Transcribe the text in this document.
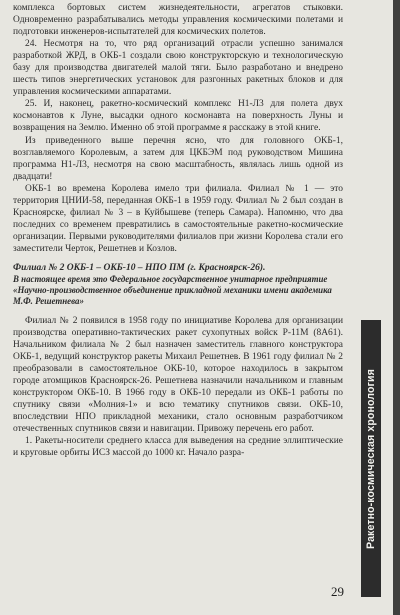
комплекса бортовых систем жизнедеятельности, агрегатов стыковки. Одновременно разрабатывались методы управления космическими полетами и подготовки инженеров-испытателей для космических полетов.

24. Несмотря на то, что ряд организаций отрасли успешно занимался разработкой ЖРД, в ОКБ-1 создали свою конструкторскую и технологическую базу для производства двигателей малой тяги. Было разработано и внедрено шесть типов энергетических установок для разгонных ракетных блоков и для управления космическими аппаратами.

25. И, наконец, ракетно-космический комплекс Н1-Л3 для полета двух космонавтов к Луне, высадки одного космонавта на поверхность Луны и возвращения на Землю. Именно об этой программе я расскажу в этой книге.

Из приведенного выше перечня ясно, что для головного ОКБ-1, возглавляемого Королевым, а затем для ЦКБЭМ под руководством Мишина программа Н1-Л3, несмотря на свою масштабность, являлась лишь одной из двадцати!

ОКБ-1 во времена Королева имело три филиала. Филиал № 1 — это территория ЦНИИ-58, переданная ОКБ-1 в 1959 году. Филиал № 2 был создан в Красноярске, филиал № 3 – в Куйбышеве (теперь Самара). Напомню, что два последних со временем превратились в самостоятельные ракетно-космические организации. Первыми руководителями филиалов при жизни Королева стали его заместители Черток, Решетнев и Козлов.

Филиал № 2 ОКБ-1 – ОКБ-10 – НПО ПМ (г. Красноярск-26).

В настоящее время это Федеральное государственное унитарное предприятие «Научно-производственное объединение прикладной механики имени академика М.Ф. Решетнева»

Филиал № 2 появился в 1958 году по инициативе Королева для организации производства оперативно-тактических ракет сухопутных войск Р-11М (8А61). Начальником филиала № 2 был назначен заместитель главного конструктора ОКБ-1, ведущий конструктор ракеты Михаил Решетнев. В 1961 году филиал № 2 преобразовали в самостоятельное ОКБ-10, которое находилось в закрытом городе атомщиков Красноярск-26. Решетнева назначили начальником и главным конструктором ОКБ-10. В 1966 году в ОКБ-10 передали из ОКБ-1 работы по спутнику связи «Молния-1» и всю тематику спутников связи. ОКБ-10, впоследствии НПО прикладной механики, стало основным разработчиком отечественных спутников связи и навигации. Привожу перечень его работ.

1. Ракеты-носители среднего класса для выведения на средние эллиптические и круговые орбиты ИСЗ массой до 1000 кг. Начало разра-	Ракетно-космическая хронология
29
